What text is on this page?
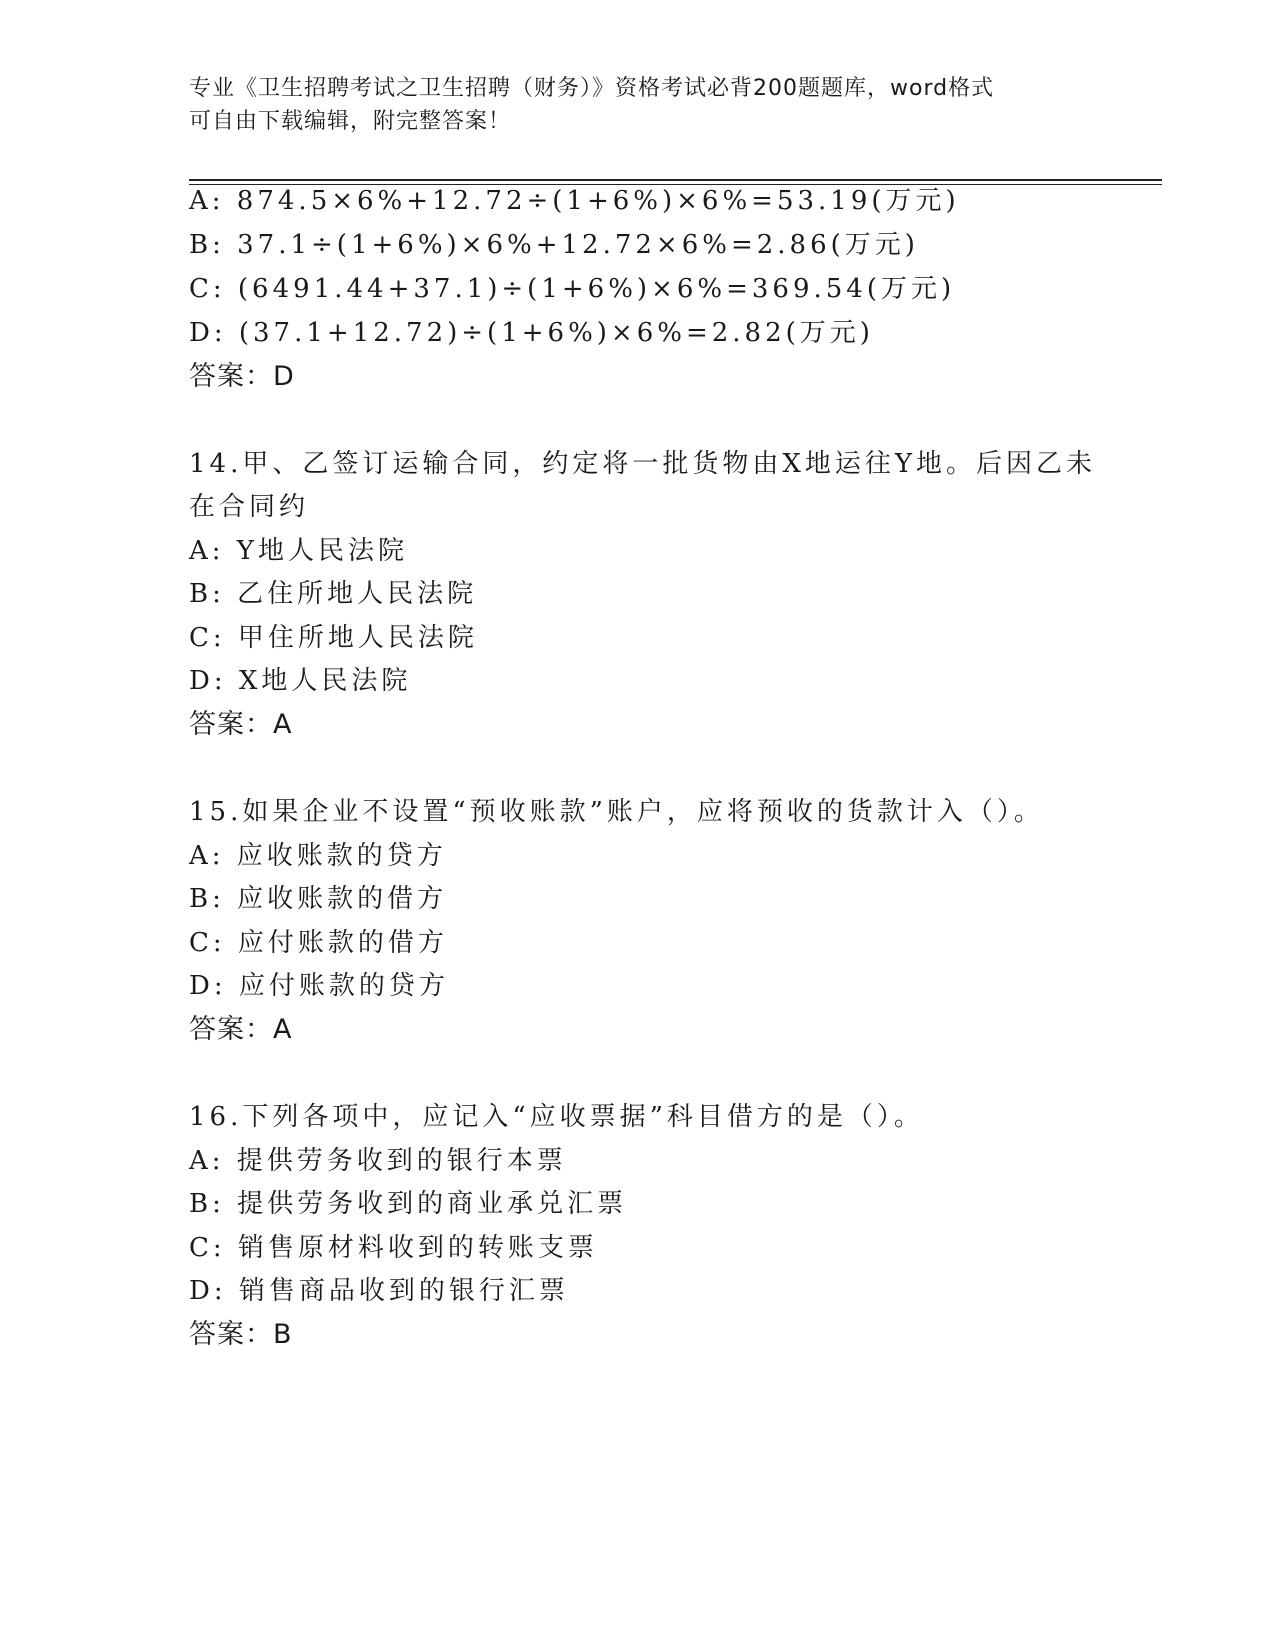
专业《卫生招聘考试之卫生招聘（财务）》资格考试必背200题题库，word格式
可自由下载编辑，附完整答案！
A: 874.5×6%+12.72÷(1+6%)×6%=53.19(万元)
B: 37.1÷(1+6%)×6%+12.72×6%=2.86(万元)
C: (6491.44+37.1)÷(1+6%)×6%=369.54(万元)
D: (37.1+12.72)÷(1+6%)×6%=2.82(万元)
答案：D
14.甲、乙签订运输合同，约定将一批货物由X地运往Y地。后因乙未
在合同约
A: Y地人民法院
B: 乙住所地人民法院
C: 甲住所地人民法院
D: X地人民法院
答案：A
15.如果企业不设置“预收账款”账户，应将预收的货款计入（）。
A: 应收账款的贷方
B: 应收账款的借方
C: 应付账款的借方
D: 应付账款的贷方
答案：A
16.下列各项中，应记入“应收票据”科目借方的是（）。
A: 提供劳务收到的银行本票
B: 提供劳务收到的商业承兑汇票
C: 销售原材料收到的转账支票
D: 销售商品收到的银行汇票
答案：B
